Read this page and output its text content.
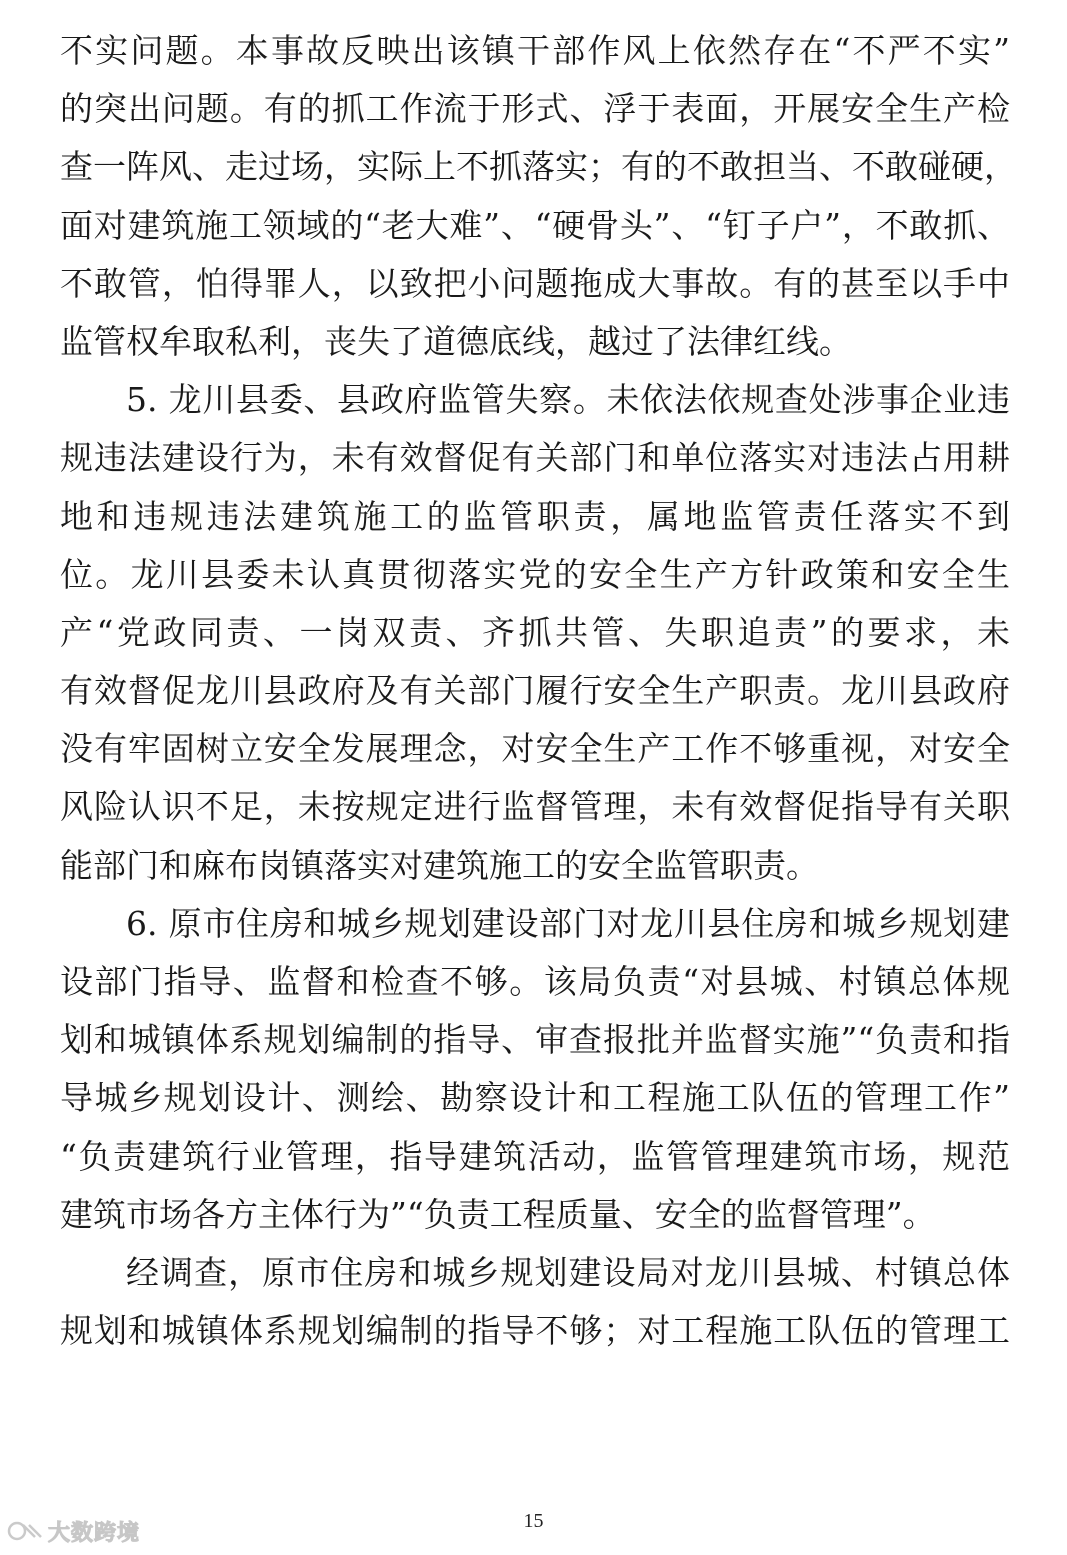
不实问题。本事故反映出该镇干部作风上依然存在“不严不实”
的突出问题。有的抓工作流于形式、浮于表面，开展安全生产检
查一阵风、走过场，实际上不抓落实；有的不敢担当、不敢碰硬，
面对建筑施工领域的“老大难”、“硬骨头”、“钉子户”，不敢抓、
不敢管，怕得罪人，以致把小问题拖成大事故。有的甚至以手中
监管权牟取私利，丧失了道德底线，越过了法律红线。
5. 龙川县委、县政府监管失察。未依法依规查处涉事企业违
规违法建设行为，未有效督促有关部门和单位落实对违法占用耕
地和违规违法建筑施工的监管职责，属地监管责任落实不到
位。龙川县委未认真贯彻落实党的安全生产方针政策和安全生
产“党政同责、一岗双责、齐抓共管、失职追责”的要求，未
有效督促龙川县政府及有关部门履行安全生产职责。龙川县政府
没有牢固树立安全发展理念，对安全生产工作不够重视，对安全
风险认识不足，未按规定进行监督管理，未有效督促指导有关职
能部门和麻布岗镇落实对建筑施工的安全监管职责。
6. 原市住房和城乡规划建设部门对龙川县住房和城乡规划建
设部门指导、监督和检查不够。该局负责“对县城、村镇总体规
划和城镇体系规划编制的指导、审查报批并监督实施”“负责和指
导城乡规划设计、测绘、勘察设计和工程施工队伍的管理工作”
“负责建筑行业管理，指导建筑活动，监管管理建筑市场，规范
建筑市场各方主体行为”“负责工程质量、安全的监督管理”。
经调查，原市住房和城乡规划建设局对龙川县城、村镇总体
规划和城镇体系规划编制的指导不够；对工程施工队伍的管理工
15
大数跨境
